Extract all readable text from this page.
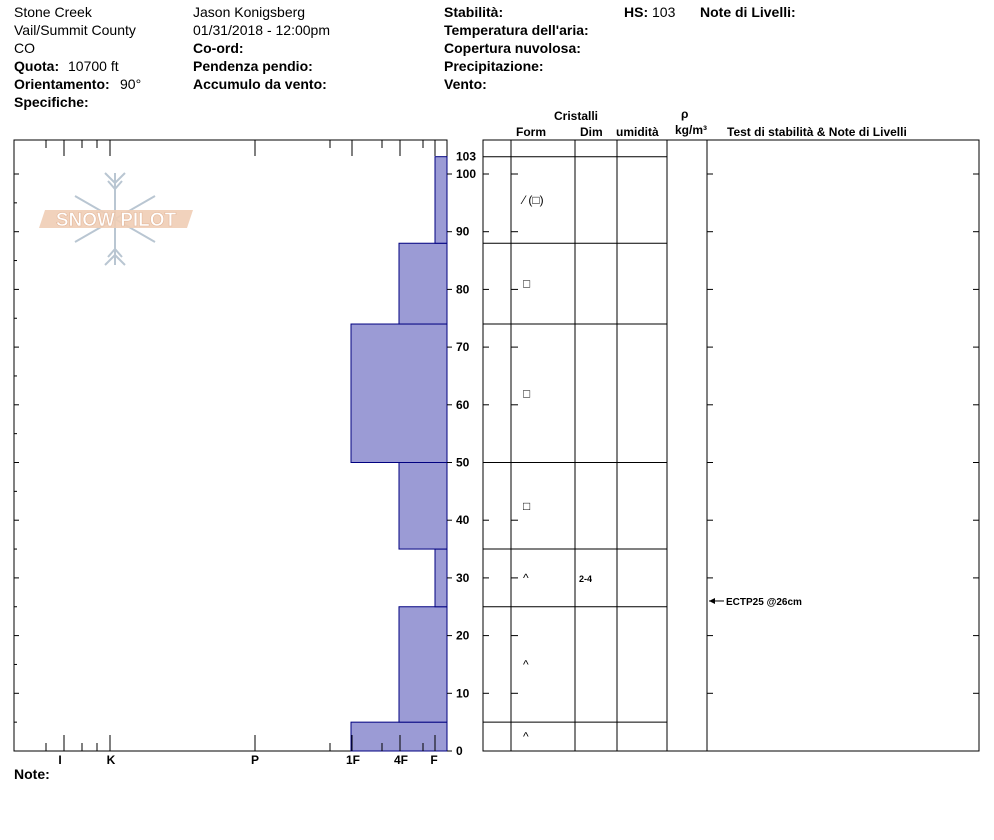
Stone Creek
Vail/Summit County
CO
Quota: 10700 ft
Orientamento: 90°
Specifiche:
Jason Konigsberg
01/31/2018 - 12:00pm
Co-ord:
Pendenza pendio:
Accumulo da vento:
Stabilità:
Temperatura dell'aria:
Copertura nuvolosa:
Precipitazione:
Vento:
HS: 103 Note di Livelli:
Cristalli
Form	Dim umidità
ρ
kg/m³ Test di stabilità & Note di Livelli
SNOW PILOT
I	K	P	1F	4F F
0
10
20
30
40
50
60
70
80
90
100
103
^
^
^	2-4
□
□
□
⁄ (□)
ECTP25 @26cm
Note:
